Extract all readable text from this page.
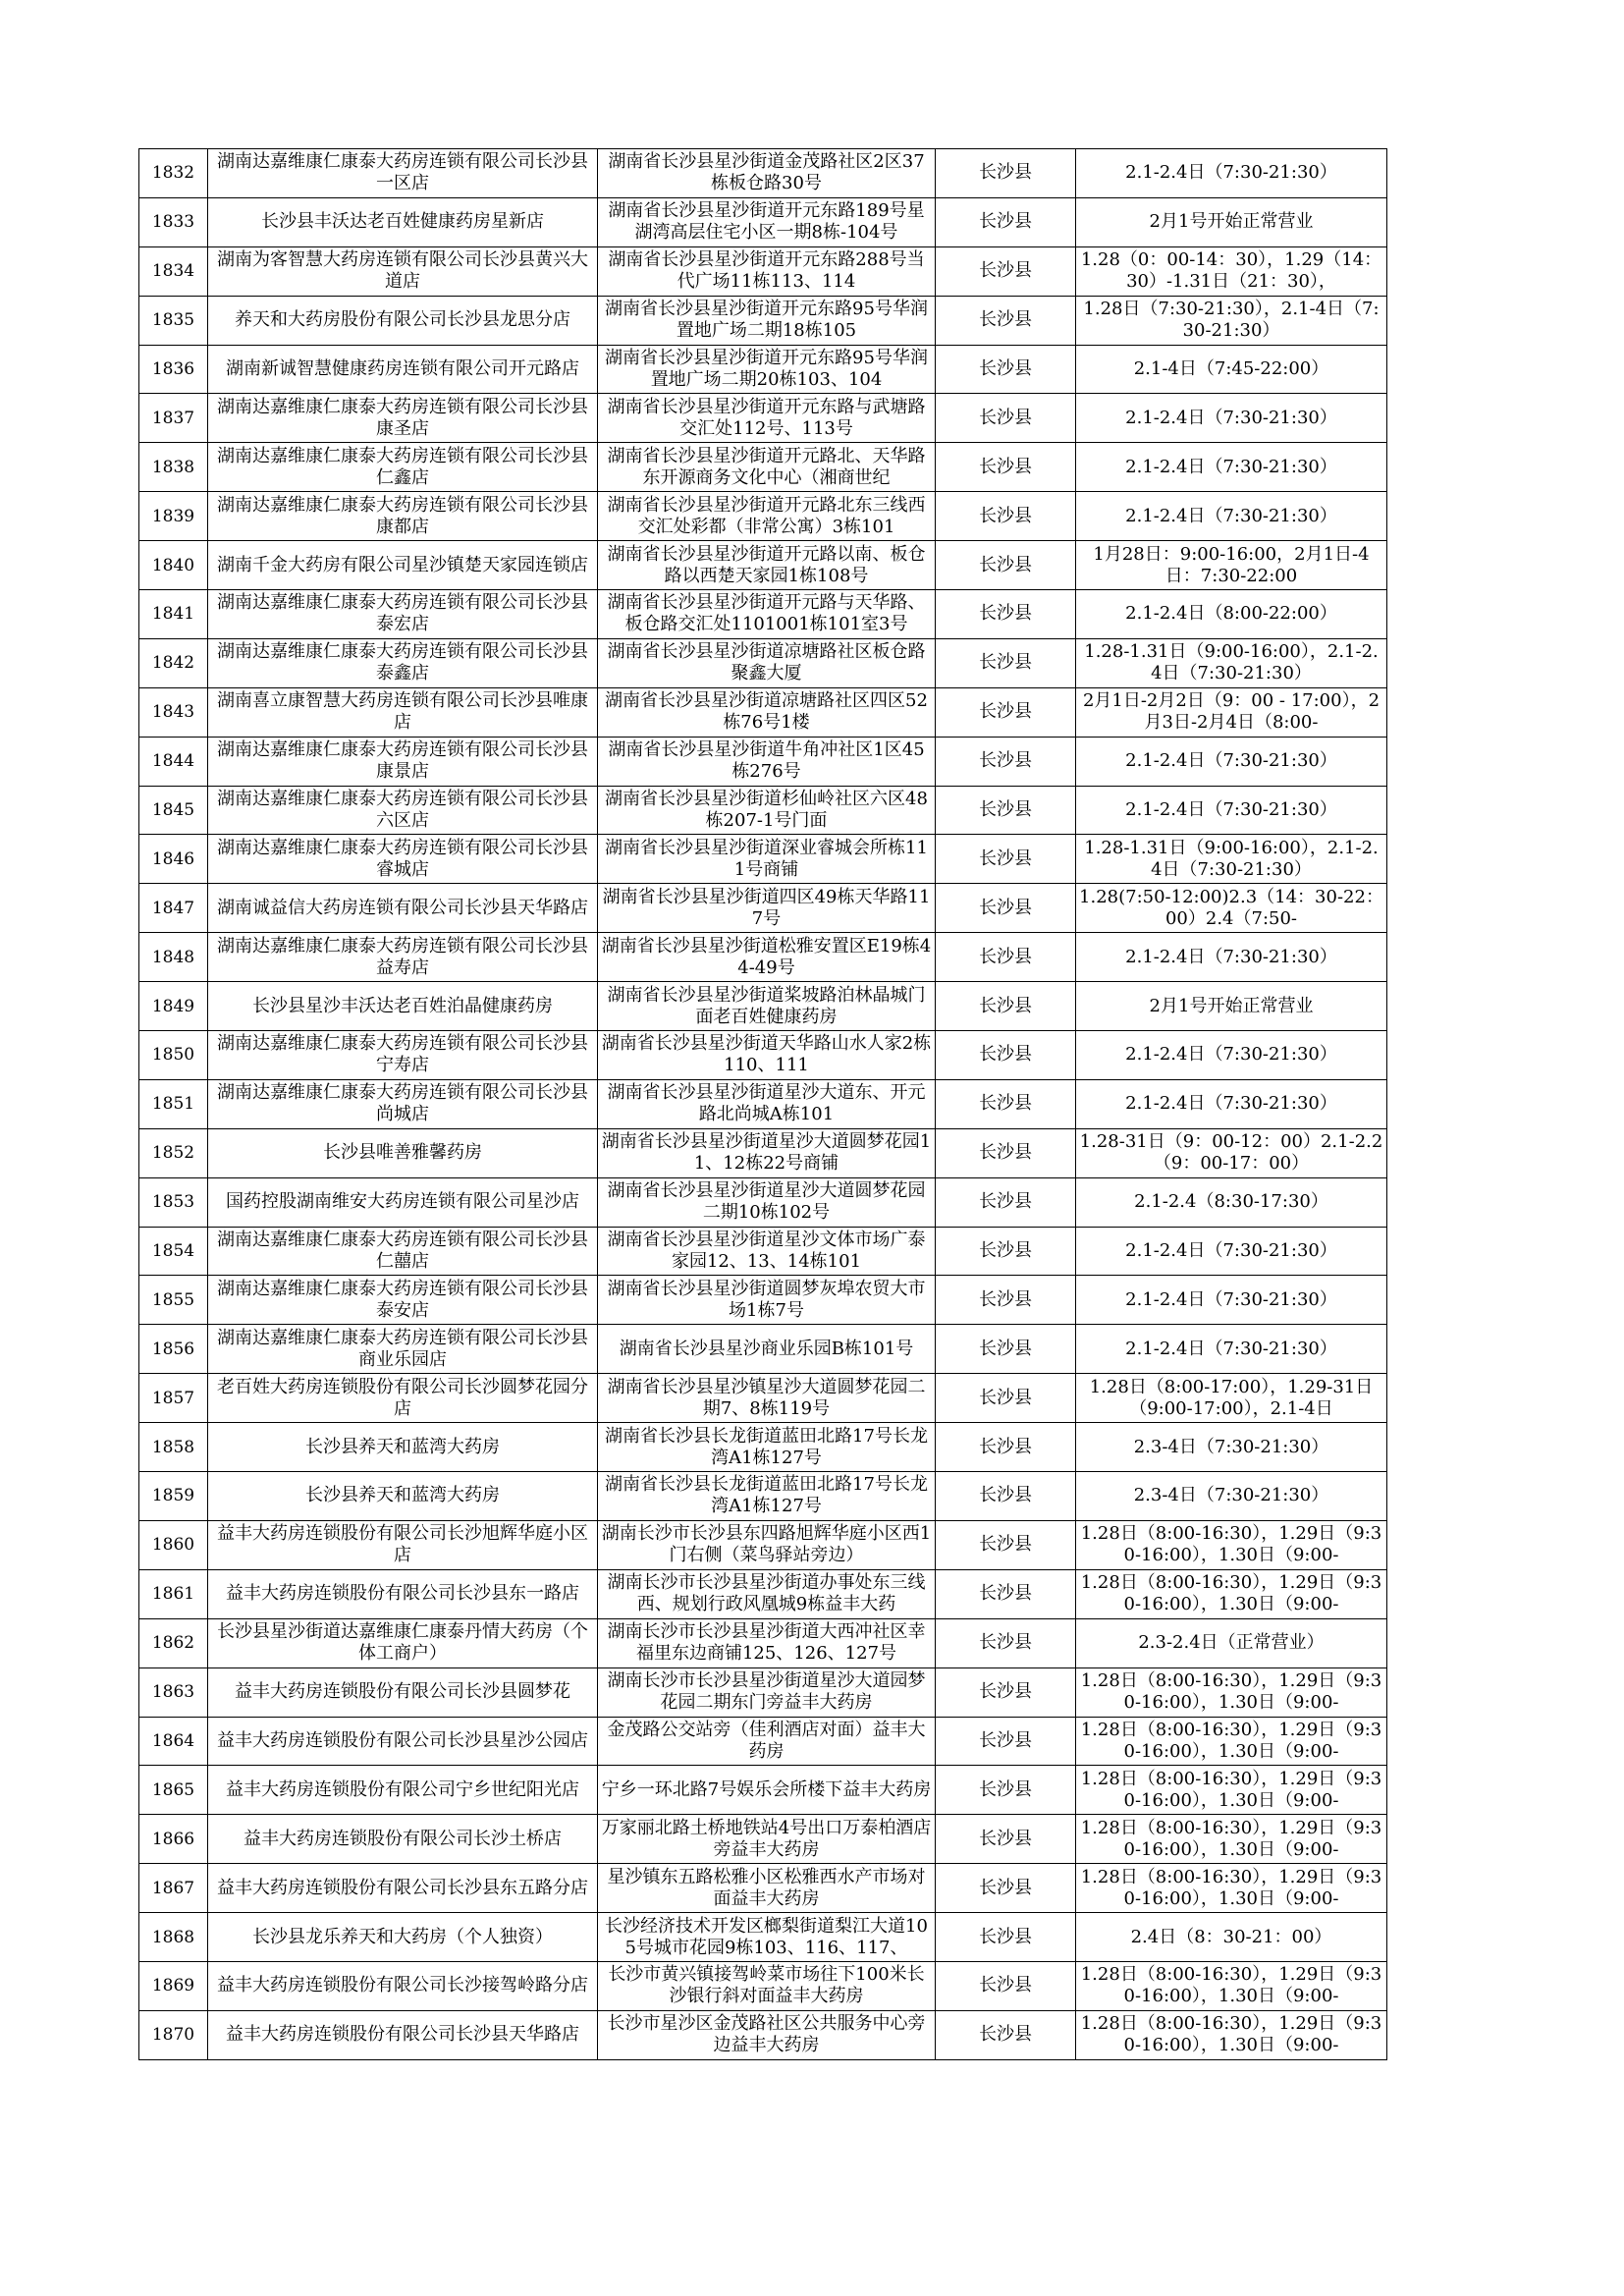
1832	湖南达嘉维康仁康泰大药房连锁有限公司长沙县一区店	湖南省长沙县星沙街道金茂路社区2区37栋板仓路30号	长沙县	2.1-2.4日（7:30-21:30）

1833	长沙县丰沃达老百姓健康药房星新店	湖南省长沙县星沙街道开元东路189号星湖湾高层住宅小区一期8栋-104号	长沙县	2月1号开始正常营业

1834	湖南为客智慧大药房连锁有限公司长沙县黄兴大道店	湖南省长沙县星沙街道开元东路288号当代广场11栋113、114	长沙县	1.28（0：00-14：30），1.29（14：30）-1.31日（21：30），

1835	养天和大药房股份有限公司长沙县龙思分店	湖南省长沙县星沙街道开元东路95号华润置地广场二期18栋105	长沙县	1.28日（7:30-21:30），2.1-4日（7:30-21:30）

1836	湖南新诚智慧健康药房连锁有限公司开元路店	湖南省长沙县星沙街道开元东路95号华润置地广场二期20栋103、104	长沙县	2.1-4日（7:45-22:00）

1837	湖南达嘉维康仁康泰大药房连锁有限公司长沙县康圣店	湖南省长沙县星沙街道开元东路与武塘路交汇处112号、113号	长沙县	2.1-2.4日（7:30-21:30）

1838	湖南达嘉维康仁康泰大药房连锁有限公司长沙县仁鑫店	湖南省长沙县星沙街道开元路北、天华路东开源商务文化中心（湘商世纪	长沙县	2.1-2.4日（7:30-21:30）

1839	湖南达嘉维康仁康泰大药房连锁有限公司长沙县康都店	湖南省长沙县星沙街道开元路北东三线西交汇处彩都（非常公寓）3栋101	长沙县	2.1-2.4日（7:30-21:30）

1840	湖南千金大药房有限公司星沙镇楚天家园连锁店	湖南省长沙县星沙街道开元路以南、板仓路以西楚天家园1栋108号	长沙县	1月28日：9:00-16:00，2月1日-4日：7:30-22:00

1841	湖南达嘉维康仁康泰大药房连锁有限公司长沙县泰宏店	湖南省长沙县星沙街道开元路与天华路、板仓路交汇处1101001栋101室3号	长沙县	2.1-2.4日（8:00-22:00）

1842	湖南达嘉维康仁康泰大药房连锁有限公司长沙县泰鑫店	湖南省长沙县星沙街道凉塘路社区板仓路聚鑫大厦	长沙县	1.28-1.31日（9:00-16:00），2.1-2.4日（7:30-21:30）

1843	湖南喜立康智慧大药房连锁有限公司长沙县唯康店	湖南省长沙县星沙街道凉塘路社区四区52栋76号1楼	长沙县	2月1日-2月2日（9：00 - 17:00），2月3日-2月4日（8:00-

1844	湖南达嘉维康仁康泰大药房连锁有限公司长沙县康景店	湖南省长沙县星沙街道牛角冲社区1区45栋276号	长沙县	2.1-2.4日（7:30-21:30）

1845	湖南达嘉维康仁康泰大药房连锁有限公司长沙县六区店	湖南省长沙县星沙街道杉仙岭社区六区48栋207-1号门面	长沙县	2.1-2.4日（7:30-21:30）

1846	湖南达嘉维康仁康泰大药房连锁有限公司长沙县睿城店	湖南省长沙县星沙街道深业睿城会所栋111号商铺	长沙县	1.28-1.31日（9:00-16:00），2.1-2.4日（7:30-21:30）

1847	湖南诚益信大药房连锁有限公司长沙县天华路店	湖南省长沙县星沙街道四区49栋天华路117号	长沙县	1.28(7:50-12:00)2.3（14：30-22：00）2.4（7:50-

1848	湖南达嘉维康仁康泰大药房连锁有限公司长沙县益寿店	湖南省长沙县星沙街道松雅安置区E19栋44-49号	长沙县	2.1-2.4日（7:30-21:30）

1849	长沙县星沙丰沃达老百姓泊晶健康药房	湖南省长沙县星沙街道桨坡路泊林晶城门面老百姓健康药房	长沙县	2月1号开始正常营业

1850	湖南达嘉维康仁康泰大药房连锁有限公司长沙县宁寿店	湖南省长沙县星沙街道天华路山水人家2栋110、111	长沙县	2.1-2.4日（7:30-21:30）

1851	湖南达嘉维康仁康泰大药房连锁有限公司长沙县尚城店	湖南省长沙县星沙街道星沙大道东、开元路北尚城A栋101	长沙县	2.1-2.4日（7:30-21:30）

1852	长沙县唯善雅馨药房	湖南省长沙县星沙街道星沙大道圆梦花园11、12栋22号商铺	长沙县	1.28-31日（9：00-12：00）2.1-2.2（9：00-17：00）

1853	国药控股湖南维安大药房连锁有限公司星沙店	湖南省长沙县星沙街道星沙大道圆梦花园二期10栋102号	长沙县	2.1-2.4（8:30-17:30）

1854	湖南达嘉维康仁康泰大药房连锁有限公司长沙县仁囍店	湖南省长沙县星沙街道星沙文体市场广泰家园12、13、14栋101	长沙县	2.1-2.4日（7:30-21:30）

1855	湖南达嘉维康仁康泰大药房连锁有限公司长沙县泰安店	湖南省长沙县星沙街道圆梦灰埠农贸大市场1栋7号	长沙县	2.1-2.4日（7:30-21:30）

1856	湖南达嘉维康仁康泰大药房连锁有限公司长沙县商业乐园店	湖南省长沙县星沙商业乐园B栋101号	长沙县	2.1-2.4日（7:30-21:30）

1857	老百姓大药房连锁股份有限公司长沙圆梦花园分店	湖南省长沙县星沙镇星沙大道圆梦花园二期7、8栋119号	长沙县	1.28日（8:00-17:00），1.29-31日（9:00-17:00），2.1-4日

1858	长沙县养天和蓝湾大药房	湖南省长沙县长龙街道蓝田北路17号长龙湾A1栋127号	长沙县	2.3-4日（7:30-21:30）

1859	长沙县养天和蓝湾大药房	湖南省长沙县长龙街道蓝田北路17号长龙湾A1栋127号	长沙县	2.3-4日（7:30-21:30）

1860	益丰大药房连锁股份有限公司长沙旭辉华庭小区店	湖南长沙市长沙县东四路旭辉华庭小区西1门右侧（菜鸟驿站旁边）	长沙县	1.28日（8:00-16:30），1.29日（9:30-16:00），1.30日（9:00-

1861	益丰大药房连锁股份有限公司长沙县东一路店	湖南长沙市长沙县星沙街道办事处东三线西、规划行政风凰城9栋益丰大药	长沙县	1.28日（8:00-16:30），1.29日（9:30-16:00），1.30日（9:00-

1862	长沙县星沙街道达嘉维康仁康泰丹情大药房（个体工商户）	湖南长沙市长沙县星沙街道大西冲社区幸福里东边商铺125、126、127号	长沙县	2.3-2.4日（正常营业）

1863	益丰大药房连锁股份有限公司长沙县圆梦花	湖南长沙市长沙县星沙街道星沙大道园梦花园二期东门旁益丰大药房	长沙县	1.28日（8:00-16:30），1.29日（9:30-16:00），1.30日（9:00-

1864	益丰大药房连锁股份有限公司长沙县星沙公园店	金茂路公交站旁（佳利酒店对面）益丰大药房	长沙县	1.28日（8:00-16:30），1.29日（9:30-16:00），1.30日（9:00-

1865	益丰大药房连锁股份有限公司宁乡世纪阳光店	宁乡一环北路7号娱乐会所楼下益丰大药房	长沙县	1.28日（8:00-16:30），1.29日（9:30-16:00），1.30日（9:00-

1866	益丰大药房连锁股份有限公司长沙土桥店	万家丽北路土桥地铁站4号出口万泰柏酒店旁益丰大药房	长沙县	1.28日（8:00-16:30），1.29日（9:30-16:00），1.30日（9:00-

1867	益丰大药房连锁股份有限公司长沙县东五路分店	星沙镇东五路松雅小区松雅西水产市场对面益丰大药房	长沙县	1.28日（8:00-16:30），1.29日（9:30-16:00），1.30日（9:00-

1868	长沙县龙乐养天和大药房（个人独资）	长沙经济技术开发区榔梨街道梨江大道105号城市花园9栋103、116、117、	长沙县	2.4日（8：30-21：00）

1869	益丰大药房连锁股份有限公司长沙接驾岭路分店	长沙市黄兴镇接驾岭菜市场往下100米长沙银行斜对面益丰大药房	长沙县	1.28日（8:00-16:30），1.29日（9:30-16:00），1.30日（9:00-

1870	益丰大药房连锁股份有限公司长沙县天华路店	长沙市星沙区金茂路社区公共服务中心旁边益丰大药房	长沙县	1.28日（8:00-16:30），1.29日（9:30-16:00），1.30日（9:00-
